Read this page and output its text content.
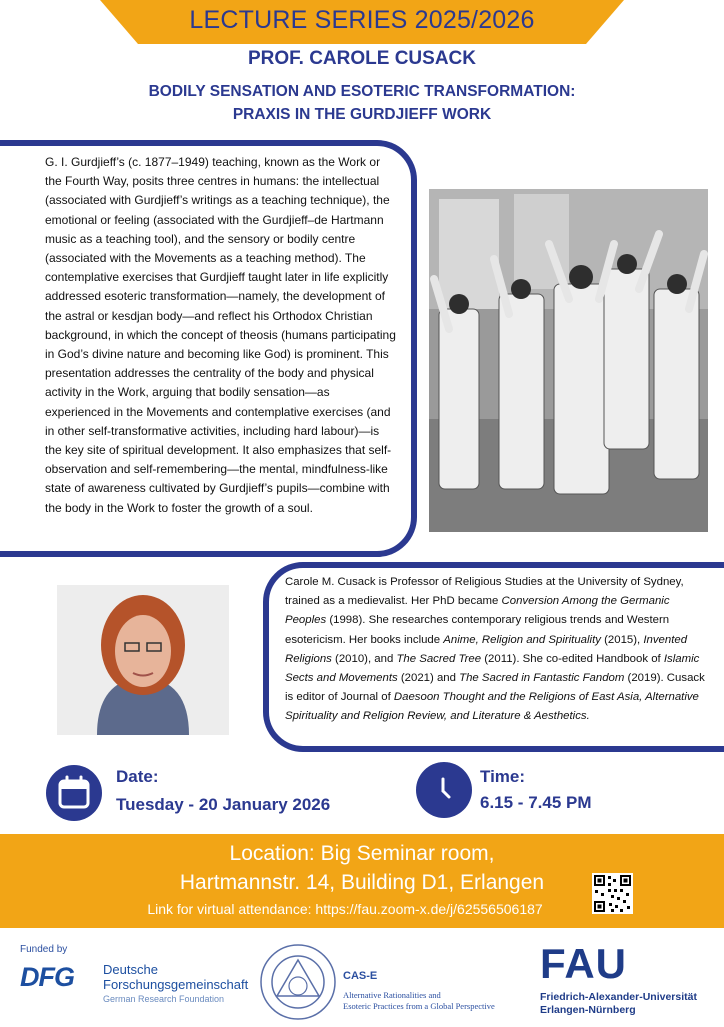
LECTURE SERIES 2025/2026
PROF. CAROLE CUSACK
BODILY SENSATION AND ESOTERIC TRANSFORMATION:
PRAXIS IN THE GURDJIEFF WORK
G. I. Gurdjieff’s (c. 1877–1949) teaching, known as the Work or the Fourth Way, posits three centres in humans: the intellectual (associated with Gurdjieff’s writings as a teaching technique), the emotional or feeling (associated with the Gurdjieff–de Hartmann music as a teaching tool), and the sensory or bodily centre (associated with the Movements as a teaching method). The contemplative exercises that Gurdjieff taught later in life explicitly addressed esoteric transformation—namely, the development of the astral or kesdjan body—and reflect his Orthodox Christian background, in which the concept of theosis (humans participating in God’s divine nature and becoming like God) is prominent. This presentation addresses the centrality of the body and physical activity in the Work, arguing that bodily sensation—as experienced in the Movements and contemplative exercises (and in other self-transformative activities, including hard labour)—is the key site of spiritual development. It also emphasizes that self-observation and self-remembering—the mental, mindfulness-like state of awareness cultivated by Gurdjieff’s pupils—combine with the body in the Work to foster the growth of a soul.
Carole M. Cusack is Professor of Religious Studies at the University of Sydney, trained as a medievalist. Her PhD became Conversion Among the Germanic Peoples (1998). She researches contemporary religious trends and Western esotericism. Her books include Anime, Religion and Spirituality (2015), Invented Religions (2010), and The Sacred Tree (2011). She co-edited Handbook of Islamic Sects and Movements (2021) and The Sacred in Fantastic Fandom (2019). Cusack is editor of Journal of Daesoon Thought and the Religions of East Asia, Alternative Spirituality and Religion Review, and Literature & Aesthetics.
Date:
Tuesday - 20 January 2026
Time:
6.15 - 7.45 PM
Location: Big Seminar room,
Hartmannstr. 14, Building D1, Erlangen
Link for virtual attendance: https://fau.zoom-x.de/j/62556506187
Funded by
DFG Deutsche
Forschungsgemeinschaft
German Research Foundation
CAS-E
Alternative Rationalities and
Esoteric Practices from a Global Perspective
FAU
Friedrich-Alexander-Universität
Erlangen-Nürnberg
